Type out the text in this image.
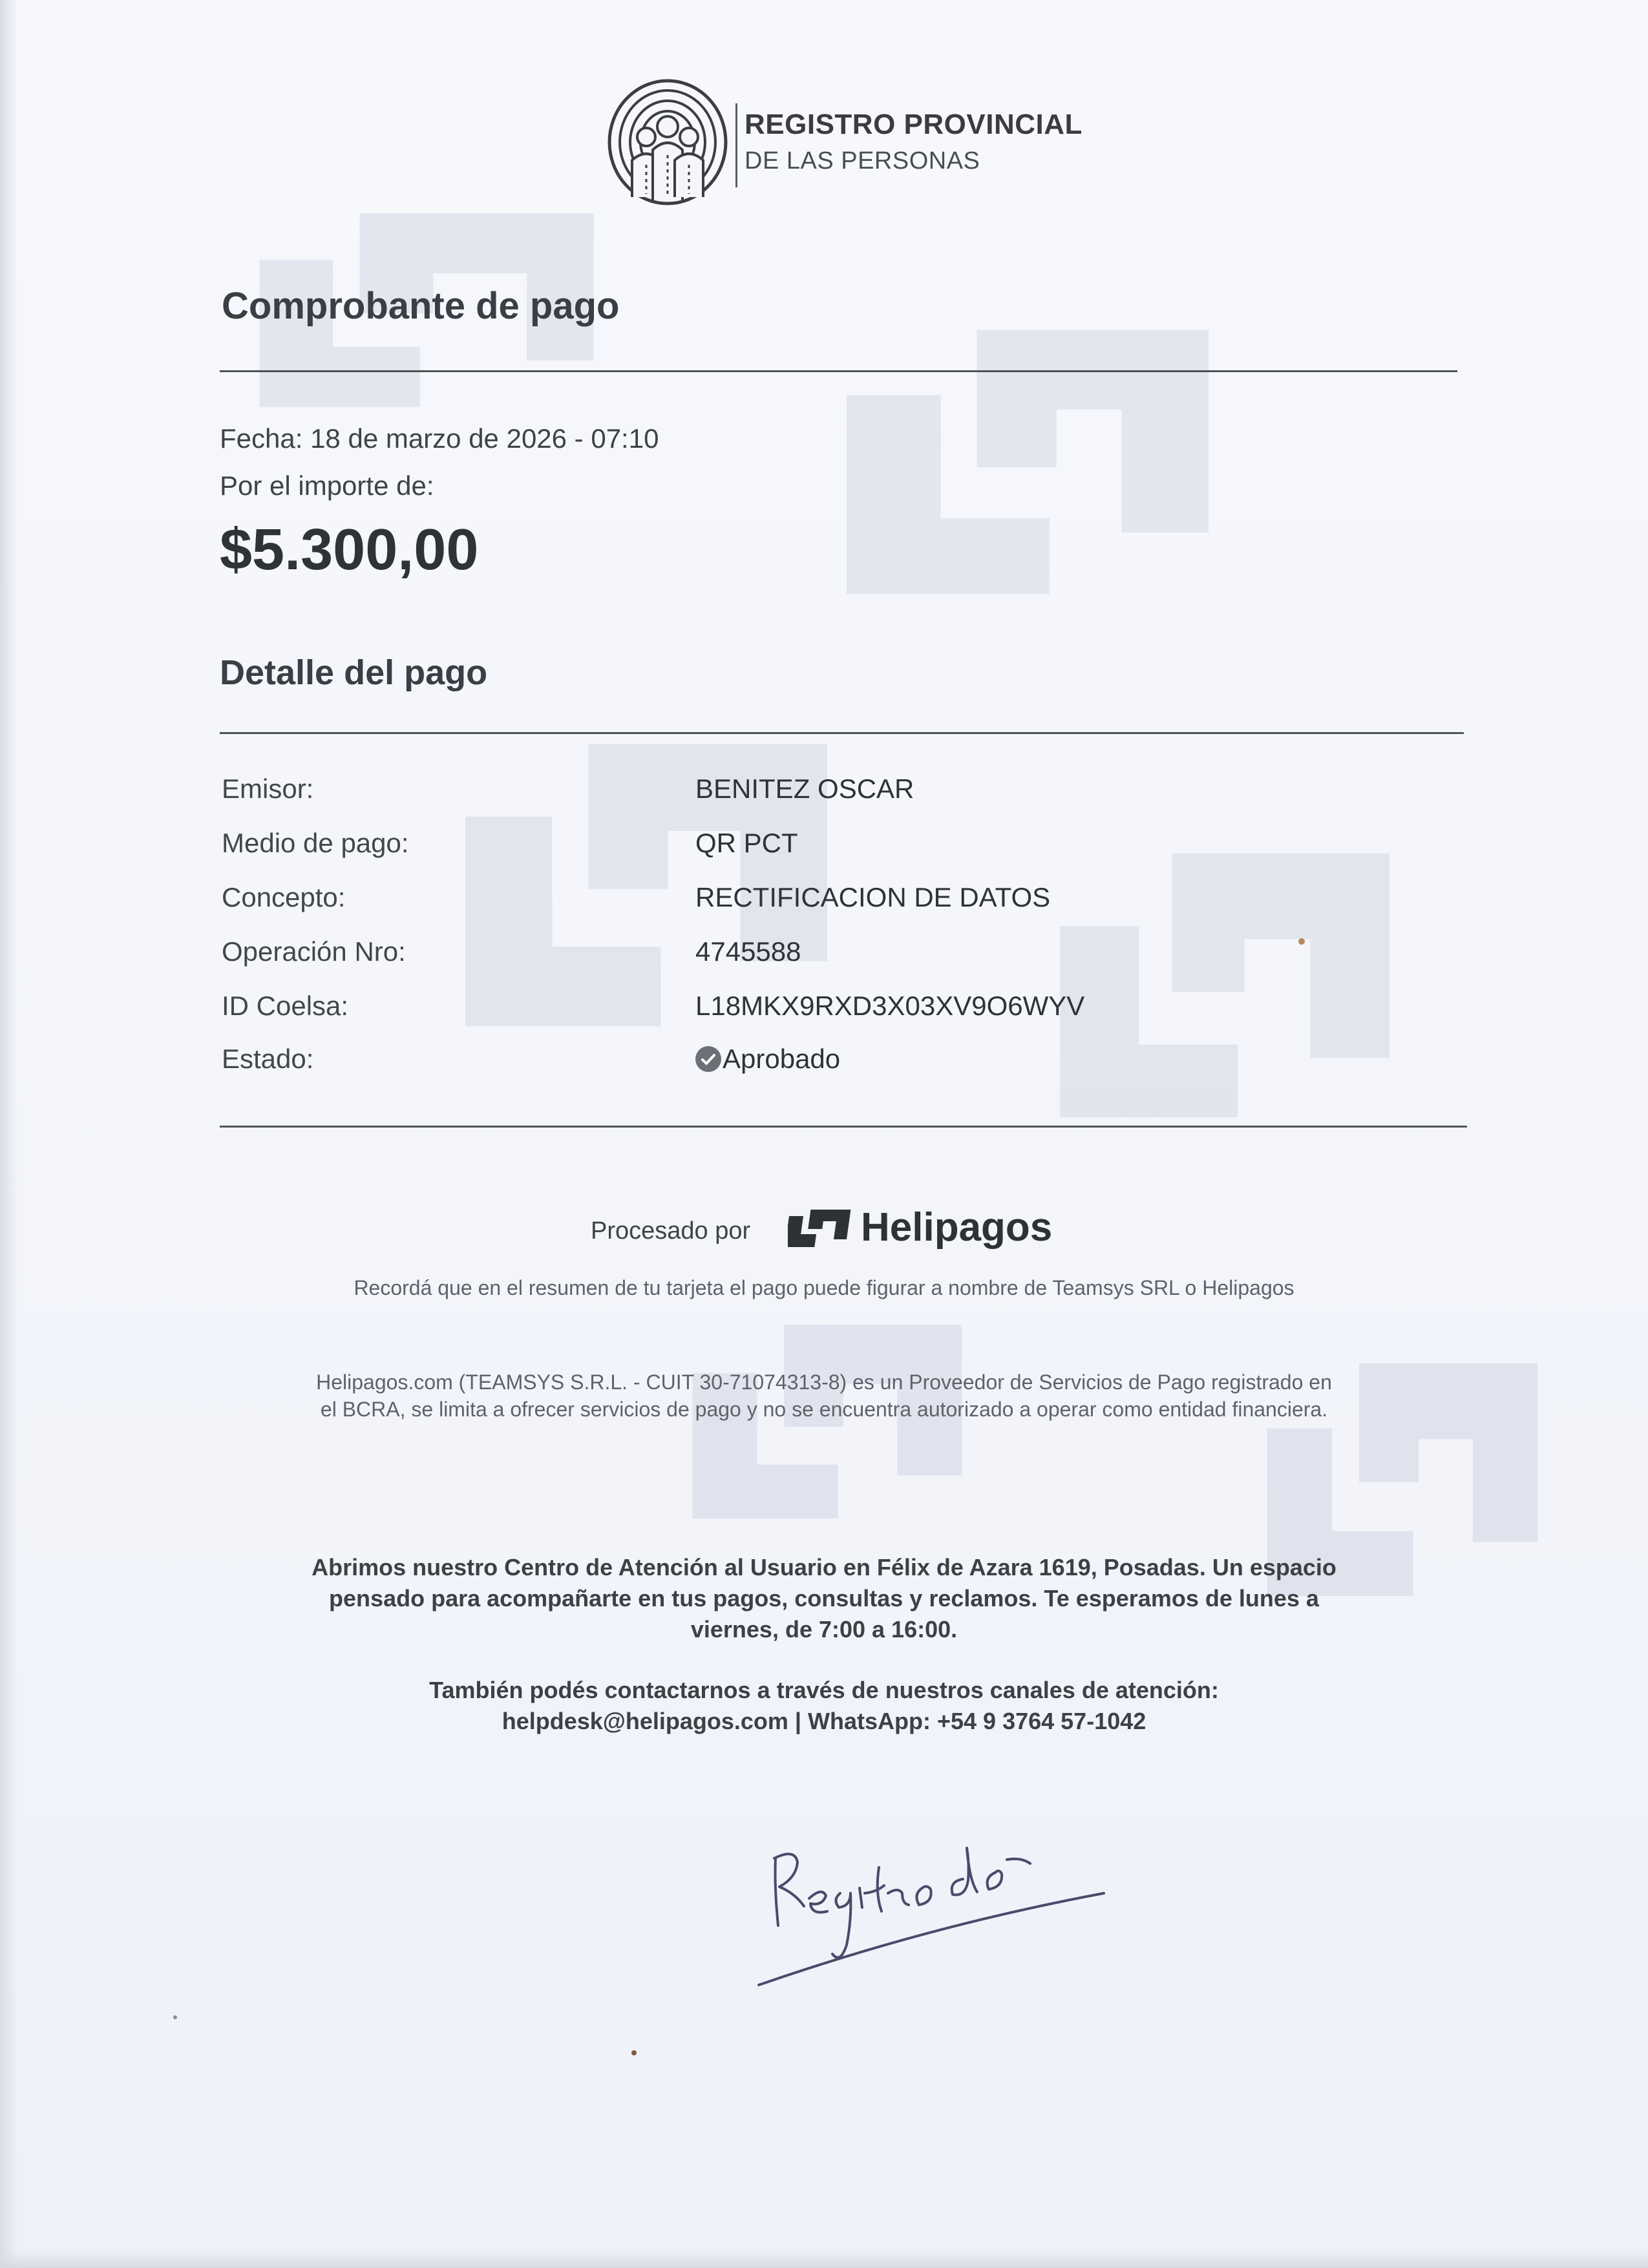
REGISTRO PROVINCIAL
DE LAS PERSONAS
Comprobante de pago
Fecha: 18 de marzo de 2026 - 07:10
Por el importe de:
$5.300,00
Detalle del pago
Emisor:	BENITEZ OSCAR
Medio de pago:	QR PCT
Concepto:	RECTIFICACION DE DATOS
Operación Nro:	4745588
ID Coelsa:	L18MKX9RXD3X03XV9O6WYV
Estado:	Aprobado
Procesado por	Helipagos
Recordá que en el resumen de tu tarjeta el pago puede figurar a nombre de Teamsys SRL o Helipagos
Helipagos.com (TEAMSYS S.R.L. - CUIT 30-71074313-8) es un Proveedor de Servicios de Pago registrado en el BCRA, se limita a ofrecer servicios de pago y no se encuentra autorizado a operar como entidad financiera.
Abrimos nuestro Centro de Atención al Usuario en Félix de Azara 1619, Posadas. Un espacio pensado para acompañarte en tus pagos, consultas y reclamos. Te esperamos de lunes a viernes, de 7:00 a 16:00.
También podés contactarnos a través de nuestros canales de atención: helpdesk@helipagos.com | WhatsApp: +54 9 3764 57-1042
